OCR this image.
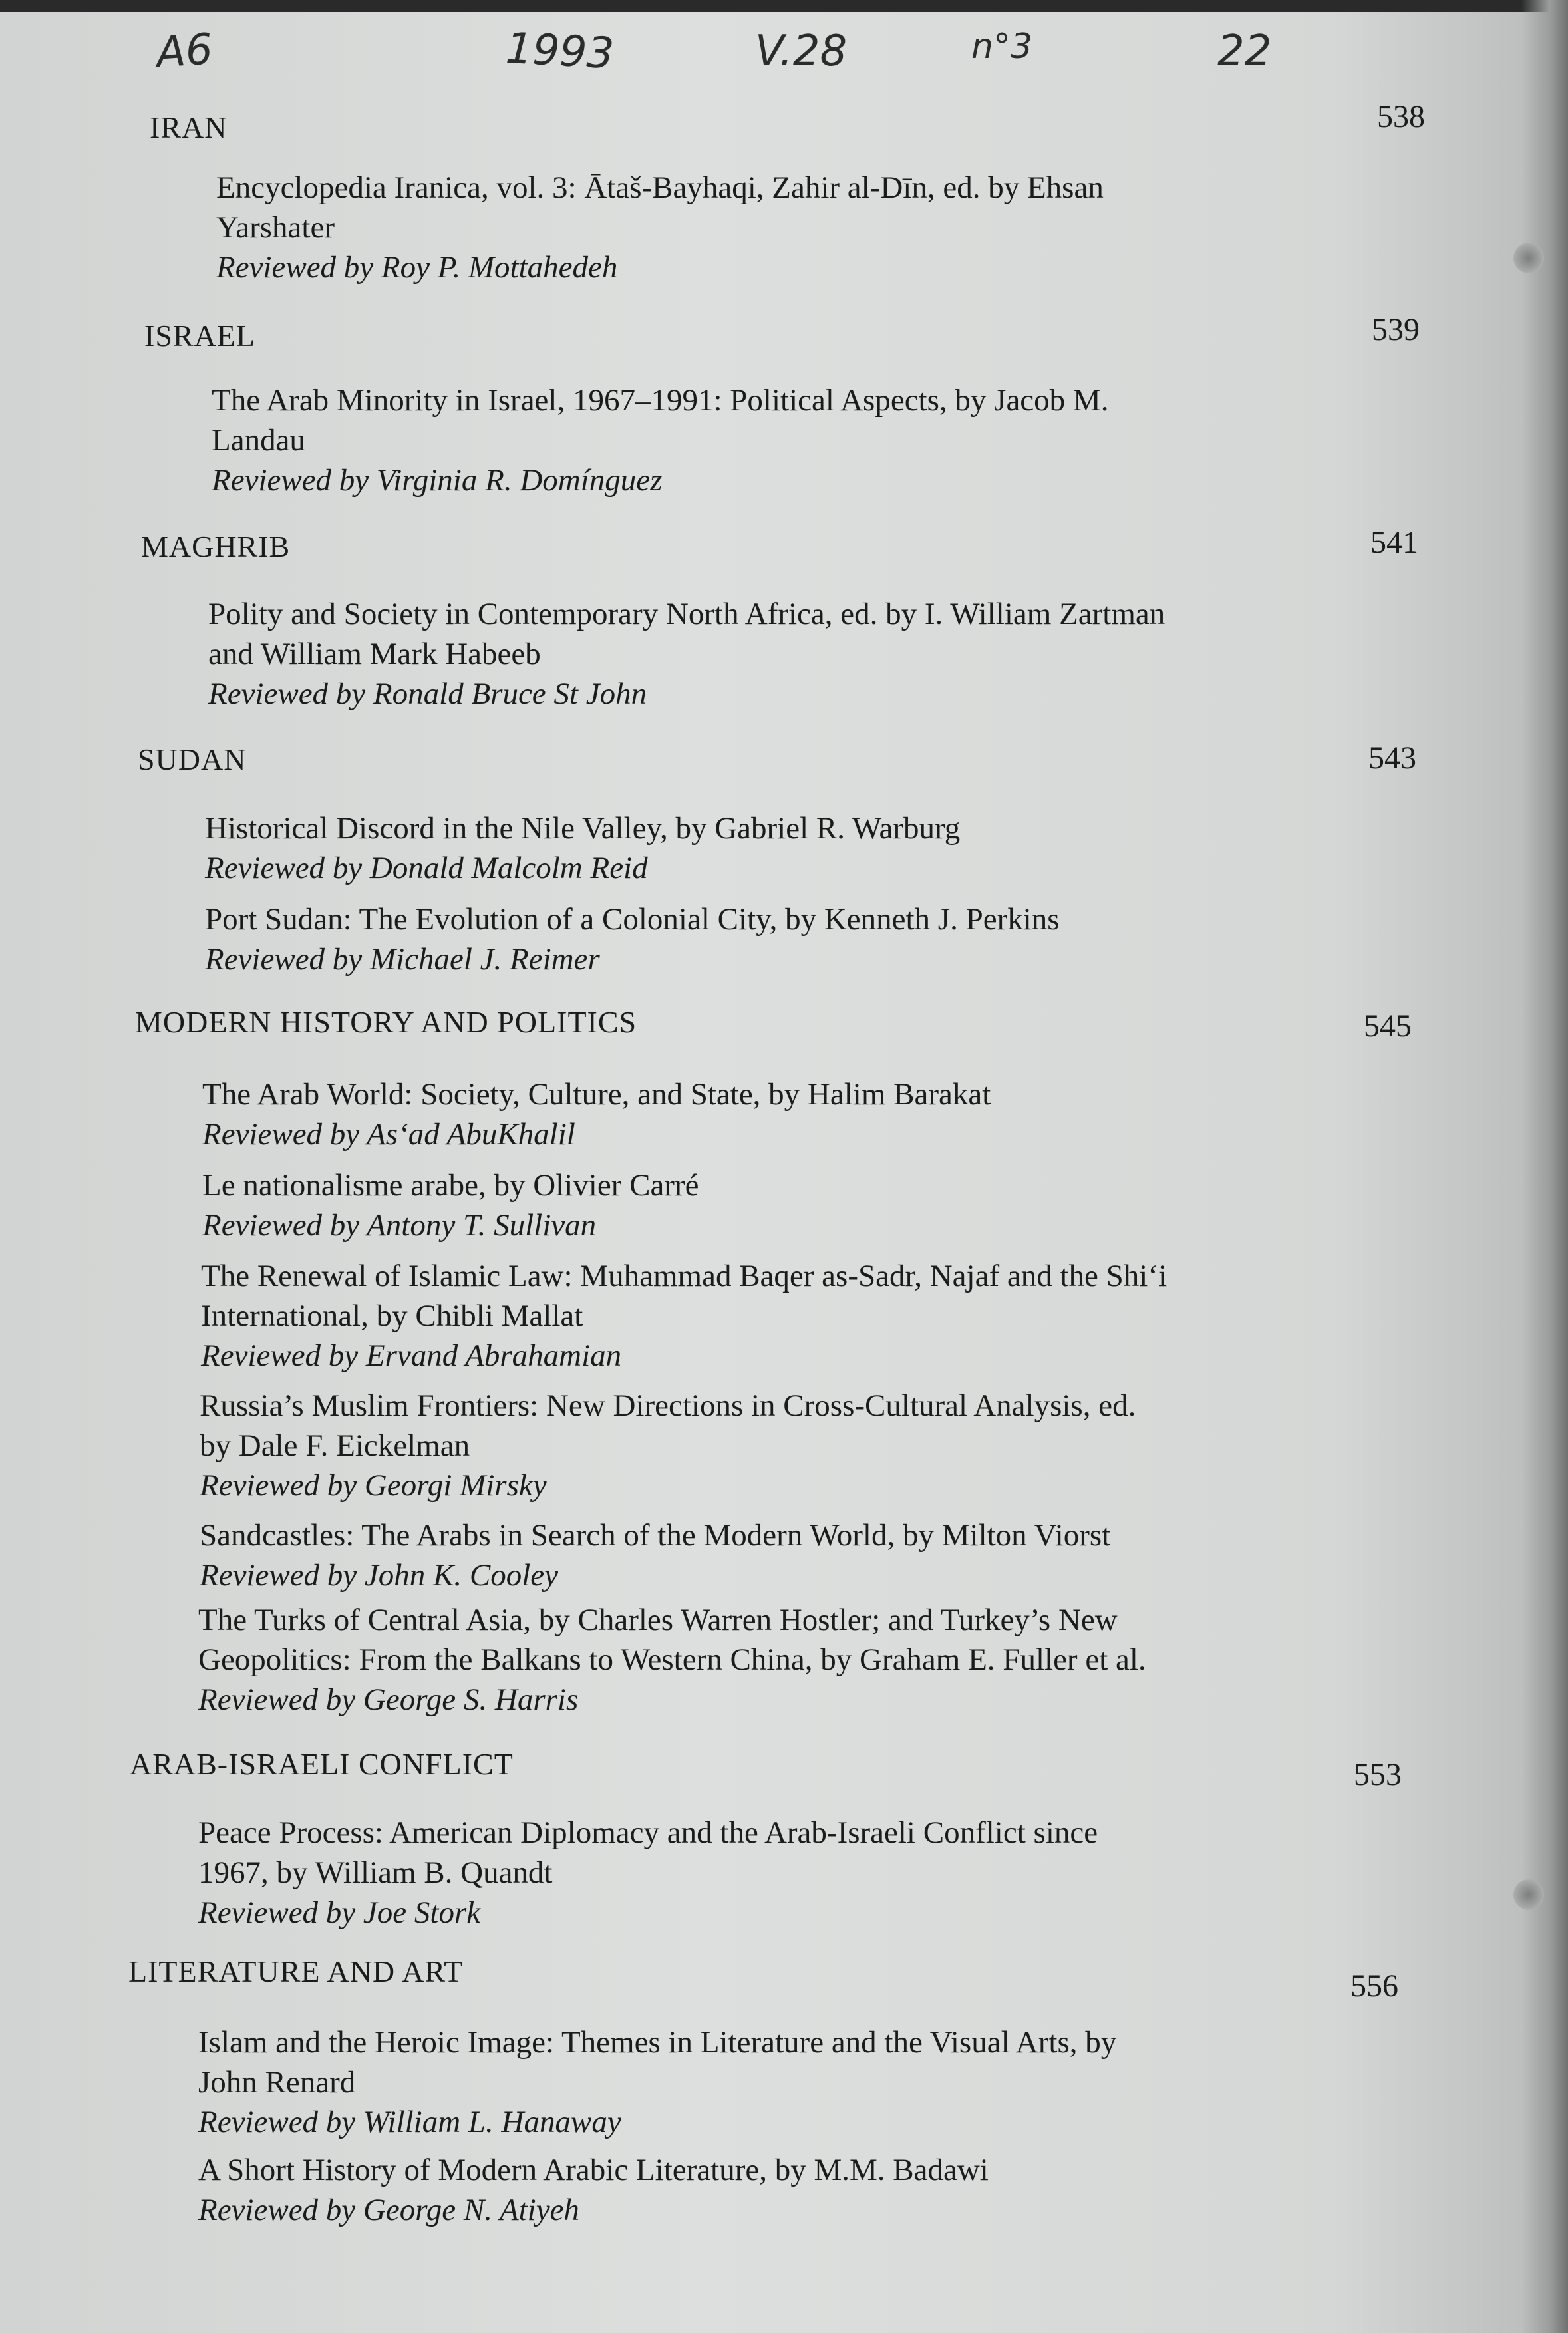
A6	1993	V.28	n°3	22
IRAN	538
Encyclopedia Iranica, vol. 3: Ātaš-Bayhaqi, Zahir al-Dīn, ed. by Ehsan
Yarshater
Reviewed by Roy P. Mottahedeh
ISRAEL	539
The Arab Minority in Israel, 1967–1991: Political Aspects, by Jacob M.
Landau
Reviewed by Virginia R. Domínguez
MAGHRIB	541
Polity and Society in Contemporary North Africa, ed. by I. William Zartman
and William Mark Habeeb
Reviewed by Ronald Bruce St John
SUDAN	543
Historical Discord in the Nile Valley, by Gabriel R. Warburg
Reviewed by Donald Malcolm Reid
Port Sudan: The Evolution of a Colonial City, by Kenneth J. Perkins
Reviewed by Michael J. Reimer
MODERN HISTORY AND POLITICS	545
The Arab World: Society, Culture, and State, by Halim Barakat
Reviewed by As‘ad AbuKhalil
Le nationalisme arabe, by Olivier Carré
Reviewed by Antony T. Sullivan
The Renewal of Islamic Law: Muhammad Baqer as-Sadr, Najaf and the Shi‘i
International, by Chibli Mallat
Reviewed by Ervand Abrahamian
Russia’s Muslim Frontiers: New Directions in Cross-Cultural Analysis, ed.
by Dale F. Eickelman
Reviewed by Georgi Mirsky
Sandcastles: The Arabs in Search of the Modern World, by Milton Viorst
Reviewed by John K. Cooley
The Turks of Central Asia, by Charles Warren Hostler; and Turkey’s New
Geopolitics: From the Balkans to Western China, by Graham E. Fuller et al.
Reviewed by George S. Harris
ARAB-ISRAELI CONFLICT	553
Peace Process: American Diplomacy and the Arab-Israeli Conflict since
1967, by William B. Quandt
Reviewed by Joe Stork
LITERATURE AND ART	556
Islam and the Heroic Image: Themes in Literature and the Visual Arts, by
John Renard
Reviewed by William L. Hanaway
A Short History of Modern Arabic Literature, by M.M. Badawi
Reviewed by George N. Atiyeh
